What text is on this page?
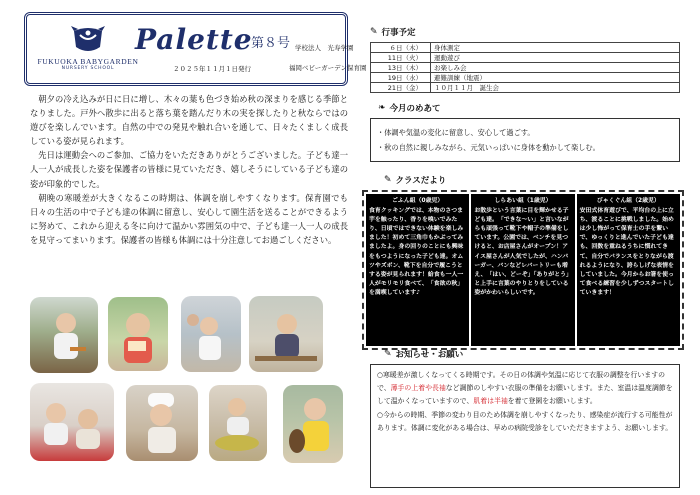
FUKUOKA BABYGARDEN
NURSERY SCHOOL
Palette
第８号 学校法人　光寿学園
２０２５年１１月１日発行	福岡ベビーガーデン保育園

朝夕の冷え込みが日に日に増し、木々の葉も色づき始め秋の深まりを感じる季節となりました。戸外へ散歩に出ると落ち葉を踏んだり木の実を探したりと秋ならではの遊びを楽しんでいます。自然の中での発見や触れ合いを通して、日々たくましく成長している姿が見られます。

先日は運動会へのご参加、ご協力をいただきありがとうございました。子ども達一人一人が成長した姿を保護者の皆様に見ていただき、嬉しそうにしている子ども達の姿が印象的でした。

朝晩の寒暖差が大きくなるこの時期は、体調を崩しやすくなります。保育園でも日々の生活の中で子ども達の体調に留意し、安心して園生活を送ることができるように努めて、これから迎える冬に向けて温かい雰囲気の中で、子ども達一人一人の成長を見守ってまいります。保護者の皆様も体調には十分注意してお過ごしください。

✎ 行事予定
６日（木）	身体測定
11日（火）	運動遊び
13日（木）	お楽しみ会
19日（水）	避難訓練（地震）
21日（金）	１０月１１月　誕生会
❧ 今月のめあて
・体調や気温の変化に留意し、安心して過ごす。
・秋の自然に親しみながら、元気いっぱいに身体を動かして楽しむ。
✎ クラスだより
ごふん組（0歳児）
食育クッキングでは、本物のさつま芋を触ったり、香りを嗅いでみたり、日頃ではできない体験を楽しみました！初めて三角巾もかぶってみましたよ。身の回りのことにも興味をもつようになった子ども達。オムツやズボン、靴下を自分で履こうとする姿が見られます！給食も一人一人がモリモリ食べて、「食欲の秋」を満喫しています♪
しらあい組（1歳児）
お散歩という言葉に目を輝かせる子ども達。「できな～い」と言いながらも頑張って靴下や帽子の準備をしています。公園では、ベンチを見つけると、お店屋さんがオープン！アイス屋さんが人気でしたが、ハンバーガー、パンなどレパートリーも増え、「はい、どーぞ」「ありがとう」と上手に言葉のやりとりをしている姿がかわいらしいです。
びゃくぐん組（2歳児）
安田式体育遊びで、平均台の上に立ち、渡ることに挑戦しました。始めは少し怖がって保育士の手を繋いで、ゆっくりと進んでいた子ども達も、回数を重ねるうちに慣れてきて、自分でバランスをとりながら渡れるようになり、誇らしげな表情をしていました。今月からお箸を使って食べる練習を少しずつスタートしていきます！
✎ お知らせ・お願い
○寒暖差が激しくなってくる時期です。その日の体調や気温に応じて衣服の調整を行いますので、薄手の上着や長袖など調節のしやすい衣服の準備をお願いします。また、室温は温度調節をして温かくなっていますので、肌着は半袖を着て登園をお願いします。
○今からの時期、季節の変わり目のため体調を崩しやすくなったり、感染症が流行する可能性があります。体調に変化がある場合は、早めの病院受診をしていただきますよう、お願いします。
